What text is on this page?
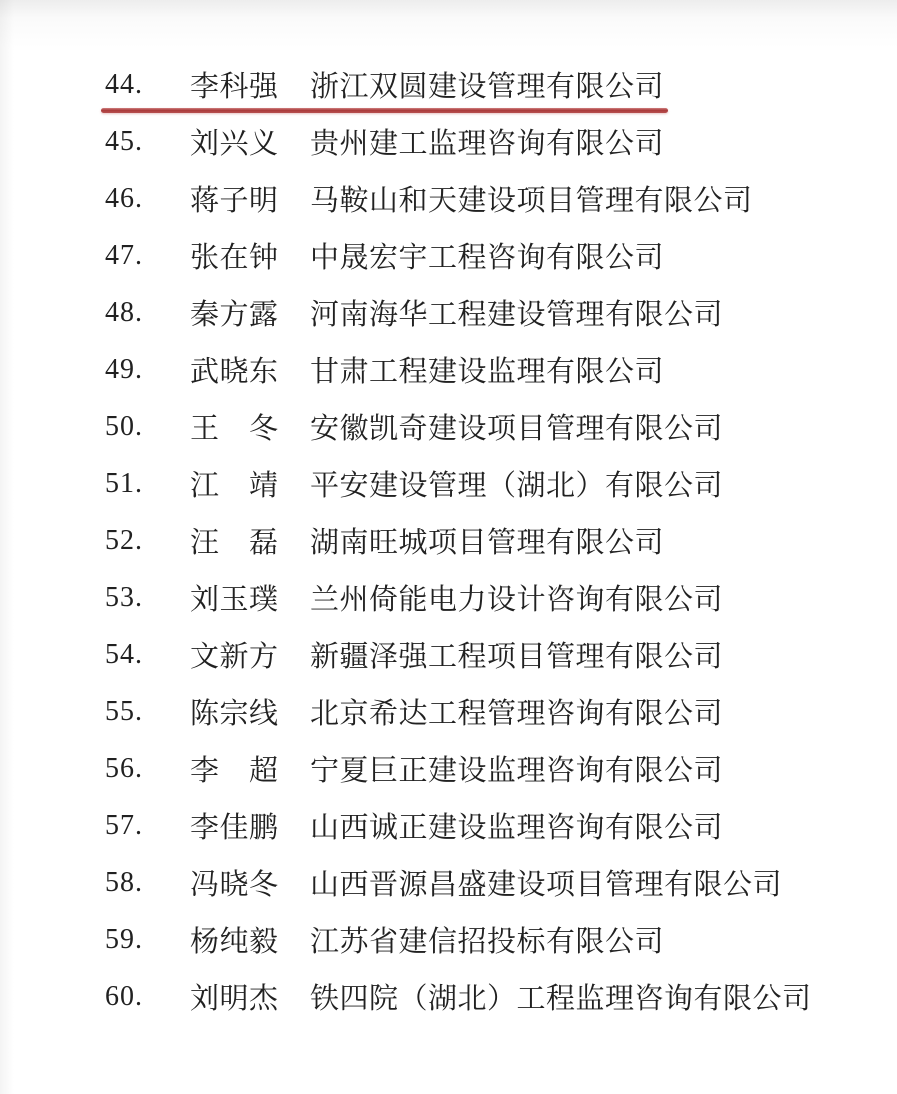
44.	李科强 浙江双圆建设管理有限公司
45.	刘兴义 贵州建工监理咨询有限公司
46.	蒋子明 马鞍山和天建设项目管理有限公司
47.	张在钟 中晟宏宇工程咨询有限公司
48.	秦方露 河南海华工程建设管理有限公司
49.	武晓东 甘肃工程建设监理有限公司
50.	王　冬 安徽凯奇建设项目管理有限公司
51.	江　靖 平安建设管理（湖北）有限公司
52.	汪　磊 湖南旺城项目管理有限公司
53.	刘玉璞 兰州倚能电力设计咨询有限公司
54.	文新方 新疆泽强工程项目管理有限公司
55.	陈宗线 北京希达工程管理咨询有限公司
56.	李　超 宁夏巨正建设监理咨询有限公司
57.	李佳鹏 山西诚正建设监理咨询有限公司
58.	冯晓冬 山西晋源昌盛建设项目管理有限公司
59.	杨纯毅 江苏省建信招投标有限公司
60.	刘明杰 铁四院（湖北）工程监理咨询有限公司
